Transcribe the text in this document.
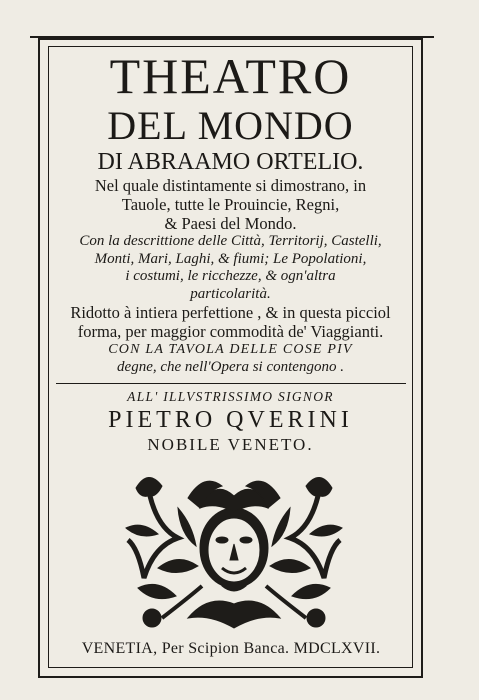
THEATRO
DEL MONDO
DI ABRAAMO ORTELIO.
Nel quale distintamente si dimostrano, in
Tauole, tutte le Prouincie, Regni,
& Paesi del Mondo.
Con la descrittione delle Città, Territorij, Castelli,
Monti, Mari, Laghi, & fiumi; Le Popolationi,
i costumi, le ricchezze, & ogn'altra
particolarità.
Ridotto à intiera perfettione , & in questa picciol
forma, per maggior commodità de' Viaggianti.
CON LA TAVOLA DELLE COSE PIV
degne, che nell'Opera si contengono .
ALL' ILLVSTRISSIMO SIGNOR
PIETRO QVERINI
NOBILE VENETO.
VENETIA, Per Scipion Banca. MDCLXVII.
